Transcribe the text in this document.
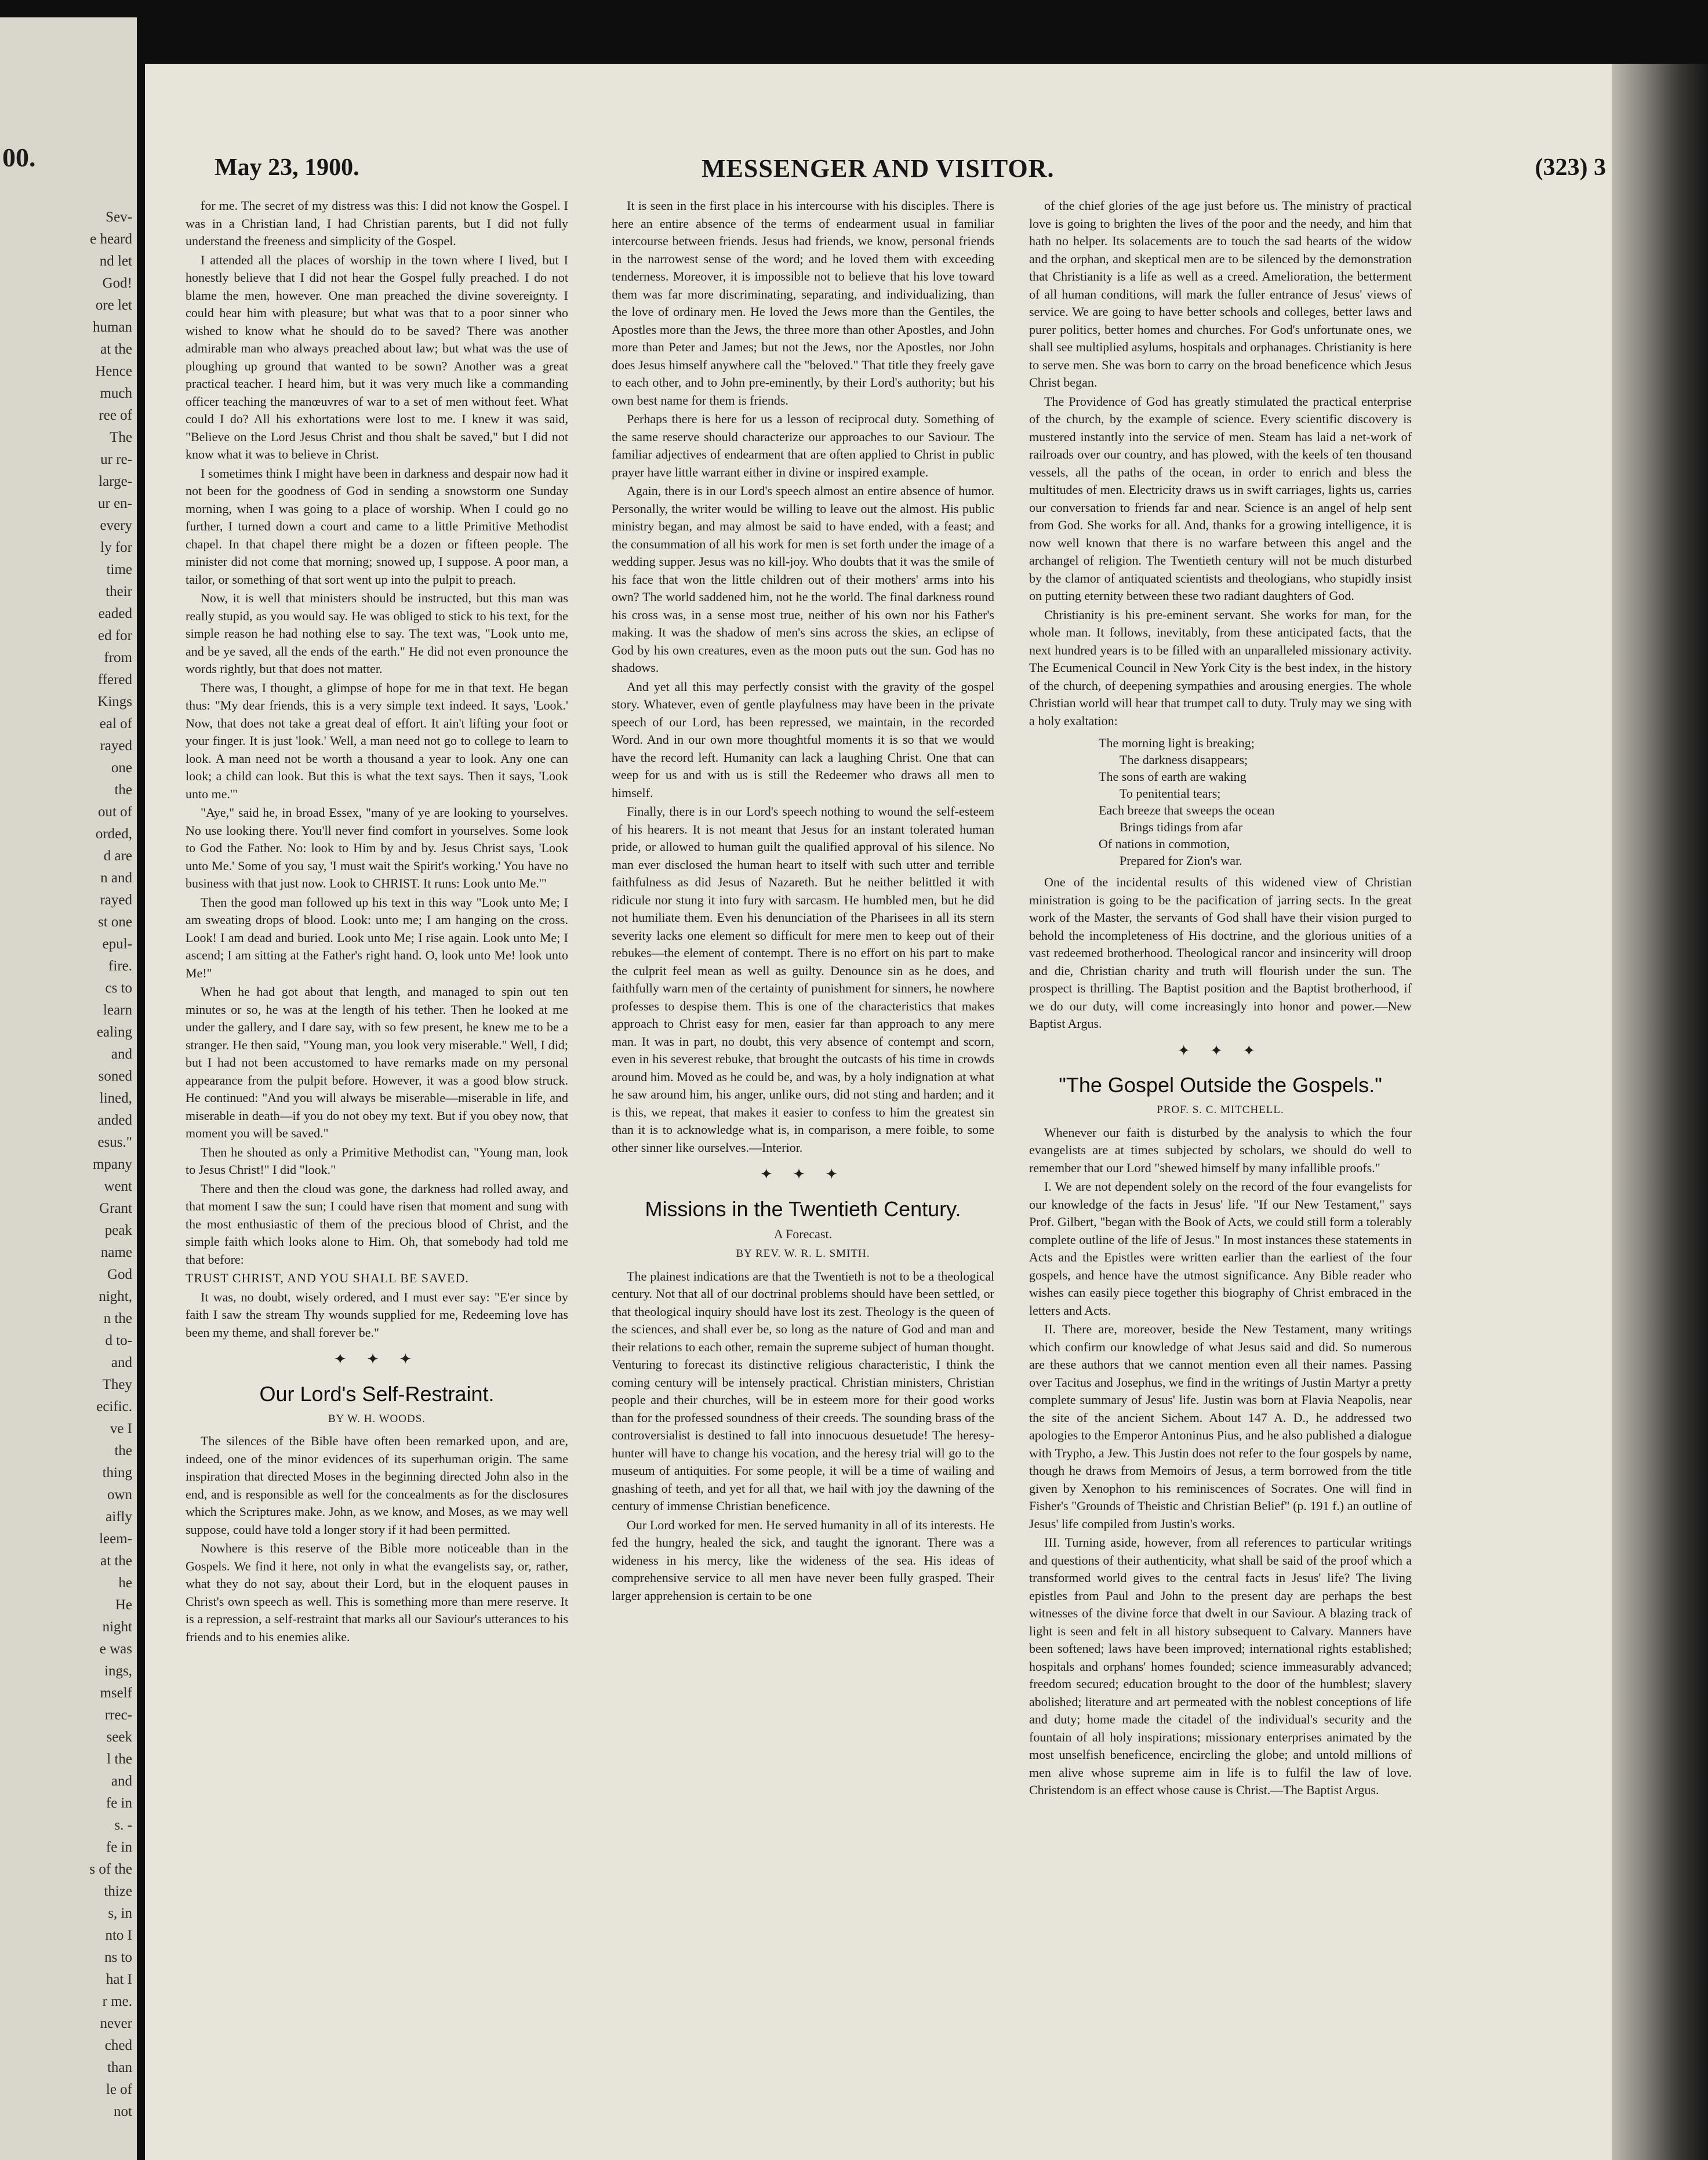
00.
Sev-
e heard
nd let
God!
ore let
human
at the
Hence
much
ree of
The
ur re-
large-
ur en-
every
ly for
time
their
eaded
ed for
from
ffered
Kings
eal of
rayed
one
the
out of
orded,
d are
n and
rayed
st one
epul-
fire.
cs to
learn
ealing
and
soned
lined,
anded
esus."
mpany
went
Grant
peak
name
God
night,
n the
d to-
and
They
ecific.
ve I
the
thing
own
aifly
leem-
at the
he
He
night
e was
ings,
mself
rrec-
seek
l the
and
fe in
s. -
fe in
s of the
thize
s, in
nto I
ns to
hat I
r me.
never
ched
than
le of
not
May 23, 1900.	MESSENGER AND VISITOR.	(323) 3

for me. The secret of my distress was this: I did not know the Gospel. I was in a Christian land, I had Christian parents, but I did not fully understand the freeness and simplicity of the Gospel.

I attended all the places of worship in the town where I lived, but I honestly believe that I did not hear the Gospel fully preached. I do not blame the men, however. One man preached the divine sovereignty. I could hear him with pleasure; but what was that to a poor sinner who wished to know what he should do to be saved? There was another admirable man who always preached about law; but what was the use of ploughing up ground that wanted to be sown? Another was a great practical teacher. I heard him, but it was very much like a commanding officer teaching the manœuvres of war to a set of men without feet. What could I do? All his exhortations were lost to me. I knew it was said, "Believe on the Lord Jesus Christ and thou shalt be saved," but I did not know what it was to believe in Christ.

I sometimes think I might have been in darkness and despair now had it not been for the goodness of God in sending a snowstorm one Sunday morning, when I was going to a place of worship. When I could go no further, I turned down a court and came to a little Primitive Methodist chapel. In that chapel there might be a dozen or fifteen people. The minister did not come that morning; snowed up, I suppose. A poor man, a tailor, or something of that sort went up into the pulpit to preach.

Now, it is well that ministers should be instructed, but this man was really stupid, as you would say. He was obliged to stick to his text, for the simple reason he had nothing else to say. The text was, "Look unto me, and be ye saved, all the ends of the earth." He did not even pronounce the words rightly, but that does not matter.

There was, I thought, a glimpse of hope for me in that text. He began thus: "My dear friends, this is a very simple text indeed. It says, 'Look.' Now, that does not take a great deal of effort. It ain't lifting your foot or your finger. It is just 'look.' Well, a man need not go to college to learn to look. A man need not be worth a thousand a year to look. Any one can look; a child can look. But this is what the text says. Then it says, 'Look unto me.'"

"Aye," said he, in broad Essex, "many of ye are looking to yourselves. No use looking there. You'll never find comfort in yourselves. Some look to God the Father. No: look to Him by and by. Jesus Christ says, 'Look unto Me.' Some of you say, 'I must wait the Spirit's working.' You have no business with that just now. Look to CHRIST. It runs: Look unto Me.'"

Then the good man followed up his text in this way "Look unto Me; I am sweating drops of blood. Look: unto me; I am hanging on the cross. Look! I am dead and buried. Look unto Me; I rise again. Look unto Me; I ascend; I am sitting at the Father's right hand. O, look unto Me! look unto Me!"

When he had got about that length, and managed to spin out ten minutes or so, he was at the length of his tether. Then he looked at me under the gallery, and I dare say, with so few present, he knew me to be a stranger. He then said, "Young man, you look very miserable." Well, I did; but I had not been accustomed to have remarks made on my personal appearance from the pulpit before. However, it was a good blow struck. He continued: "And you will always be miserable—miserable in life, and miserable in death—if you do not obey my text. But if you obey now, that moment you will be saved."

Then he shouted as only a Primitive Methodist can, "Young man, look to Jesus Christ!" I did "look."

There and then the cloud was gone, the darkness had rolled away, and that moment I saw the sun; I could have risen that moment and sung with the most enthusiastic of them of the precious blood of Christ, and the simple faith which looks alone to Him. Oh, that somebody had told me that before:

TRUST CHRIST, AND YOU SHALL BE SAVED.

It was, no doubt, wisely ordered, and I must ever say: "E'er since by faith I saw the stream Thy wounds supplied for me, Redeeming love has been my theme, and shall forever be."

✦ ✦ ✦
Our Lord's Self-Restraint.
BY W. H. WOODS.

The silences of the Bible have often been remarked upon, and are, indeed, one of the minor evidences of its superhuman origin. The same inspiration that directed Moses in the beginning directed John also in the end, and is responsible as well for the concealments as for the disclosures which the Scriptures make. John, as we know, and Moses, as we may well suppose, could have told a longer story if it had been permitted.

Nowhere is this reserve of the Bible more noticeable than in the Gospels. We find it here, not only in what the evangelists say, or, rather, what they do not say, about their Lord, but in the eloquent pauses in Christ's own speech as well. This is something more than mere reserve. It is a repression, a self-restraint that marks all our Saviour's utterances to his friends and to his enemies alike.

It is seen in the first place in his intercourse with his disciples. There is here an entire absence of the terms of endearment usual in familiar intercourse between friends. Jesus had friends, we know, personal friends in the narrowest sense of the word; and he loved them with exceeding tenderness. Moreover, it is impossible not to believe that his love toward them was far more discriminating, separating, and individualizing, than the love of ordinary men. He loved the Jews more than the Gentiles, the Apostles more than the Jews, the three more than other Apostles, and John more than Peter and James; but not the Jews, nor the Apostles, nor John does Jesus himself anywhere call the "beloved." That title they freely gave to each other, and to John pre-eminently, by their Lord's authority; but his own best name for them is friends.

Perhaps there is here for us a lesson of reciprocal duty. Something of the same reserve should characterize our approaches to our Saviour. The familiar adjectives of endearment that are often applied to Christ in public prayer have little warrant either in divine or inspired example.

Again, there is in our Lord's speech almost an entire absence of humor. Personally, the writer would be willing to leave out the almost. His public ministry began, and may almost be said to have ended, with a feast; and the consummation of all his work for men is set forth under the image of a wedding supper. Jesus was no kill-joy. Who doubts that it was the smile of his face that won the little children out of their mothers' arms into his own? The world saddened him, not he the world. The final darkness round his cross was, in a sense most true, neither of his own nor his Father's making. It was the shadow of men's sins across the skies, an eclipse of God by his own creatures, even as the moon puts out the sun. God has no shadows.

And yet all this may perfectly consist with the gravity of the gospel story. Whatever, even of gentle playfulness may have been in the private speech of our Lord, has been repressed, we maintain, in the recorded Word. And in our own more thoughtful moments it is so that we would have the record left. Humanity can lack a laughing Christ. One that can weep for us and with us is still the Redeemer who draws all men to himself.

Finally, there is in our Lord's speech nothing to wound the self-esteem of his hearers. It is not meant that Jesus for an instant tolerated human pride, or allowed to human guilt the qualified approval of his silence. No man ever disclosed the human heart to itself with such utter and terrible faithfulness as did Jesus of Nazareth. But he neither belittled it with ridicule nor stung it into fury with sarcasm. He humbled men, but he did not humiliate them. Even his denunciation of the Pharisees in all its stern severity lacks one element so difficult for mere men to keep out of their rebukes—the element of contempt. There is no effort on his part to make the culprit feel mean as well as guilty. Denounce sin as he does, and faithfully warn men of the certainty of punishment for sinners, he nowhere professes to despise them. This is one of the characteristics that makes approach to Christ easy for men, easier far than approach to any mere man. It was in part, no doubt, this very absence of contempt and scorn, even in his severest rebuke, that brought the outcasts of his time in crowds around him. Moved as he could be, and was, by a holy indignation at what he saw around him, his anger, unlike ours, did not sting and harden; and it is this, we repeat, that makes it easier to confess to him the greatest sin than it is to acknowledge what is, in comparison, a mere foible, to some other sinner like ourselves.—Interior.

✦ ✦ ✦
Missions in the Twentieth Century.
A Forecast.
BY REV. W. R. L. SMITH.

The plainest indications are that the Twentieth is not to be a theological century. Not that all of our doctrinal problems should have been settled, or that theological inquiry should have lost its zest. Theology is the queen of the sciences, and shall ever be, so long as the nature of God and man and their relations to each other, remain the supreme subject of human thought. Venturing to forecast its distinctive religious characteristic, I think the coming century will be intensely practical. Christian ministers, Christian people and their churches, will be in esteem more for their good works than for the professed soundness of their creeds. The sounding brass of the controversialist is destined to fall into innocuous desuetude! The heresy-hunter will have to change his vocation, and the heresy trial will go to the museum of antiquities. For some people, it will be a time of wailing and gnashing of teeth, and yet for all that, we hail with joy the dawning of the century of immense Christian beneficence.

Our Lord worked for men. He served humanity in all of its interests. He fed the hungry, healed the sick, and taught the ignorant. There was a wideness in his mercy, like the wideness of the sea. His ideas of comprehensive service to all men have never been fully grasped. Their larger apprehension is certain to be one

of the chief glories of the age just before us. The ministry of practical love is going to brighten the lives of the poor and the needy, and him that hath no helper. Its solacements are to touch the sad hearts of the widow and the orphan, and skeptical men are to be silenced by the demonstration that Christianity is a life as well as a creed. Amelioration, the betterment of all human conditions, will mark the fuller entrance of Jesus' views of service. We are going to have better schools and colleges, better laws and purer politics, better homes and churches. For God's unfortunate ones, we shall see multiplied asylums, hospitals and orphanages. Christianity is here to serve men. She was born to carry on the broad beneficence which Jesus Christ began.

The Providence of God has greatly stimulated the practical enterprise of the church, by the example of science. Every scientific discovery is mustered instantly into the service of men. Steam has laid a net-work of railroads over our country, and has plowed, with the keels of ten thousand vessels, all the paths of the ocean, in order to enrich and bless the multitudes of men. Electricity draws us in swift carriages, lights us, carries our conversation to friends far and near. Science is an angel of help sent from God. She works for all. And, thanks for a growing intelligence, it is now well known that there is no warfare between this angel and the archangel of religion. The Twentieth century will not be much disturbed by the clamor of antiquated scientists and theologians, who stupidly insist on putting eternity between these two radiant daughters of God.

Christianity is his pre-eminent servant. She works for man, for the whole man. It follows, inevitably, from these anticipated facts, that the next hundred years is to be filled with an unparalleled missionary activity. The Ecumenical Council in New York City is the best index, in the history of the church, of deepening sympathies and arousing energies. The whole Christian world will hear that trumpet call to duty. Truly may we sing with a holy exaltation:

The morning light is breaking;
The darkness disappears;
The sons of earth are waking
To penitential tears;
Each breeze that sweeps the ocean
Brings tidings from afar
Of nations in commotion,
Prepared for Zion's war.

One of the incidental results of this widened view of Christian ministration is going to be the pacification of jarring sects. In the great work of the Master, the servants of God shall have their vision purged to behold the incompleteness of His doctrine, and the glorious unities of a vast redeemed brotherhood. Theological rancor and insincerity will droop and die, Christian charity and truth will flourish under the sun. The prospect is thrilling. The Baptist position and the Baptist brotherhood, if we do our duty, will come increasingly into honor and power.—New Baptist Argus.

✦ ✦ ✦
"The Gospel Outside the Gospels."
PROF. S. C. MITCHELL.

Whenever our faith is disturbed by the analysis to which the four evangelists are at times subjected by scholars, we should do well to remember that our Lord "shewed himself by many infallible proofs."

I. We are not dependent solely on the record of the four evangelists for our knowledge of the facts in Jesus' life. "If our New Testament," says Prof. Gilbert, "began with the Book of Acts, we could still form a tolerably complete outline of the life of Jesus." In most instances these statements in Acts and the Epistles were written earlier than the earliest of the four gospels, and hence have the utmost significance. Any Bible reader who wishes can easily piece together this biography of Christ embraced in the letters and Acts.

II. There are, moreover, beside the New Testament, many writings which confirm our knowledge of what Jesus said and did. So numerous are these authors that we cannot mention even all their names. Passing over Tacitus and Josephus, we find in the writings of Justin Martyr a pretty complete summary of Jesus' life. Justin was born at Flavia Neapolis, near the site of the ancient Sichem. About 147 A. D., he addressed two apologies to the Emperor Antoninus Pius, and he also published a dialogue with Trypho, a Jew. This Justin does not refer to the four gospels by name, though he draws from Memoirs of Jesus, a term borrowed from the title given by Xenophon to his reminiscences of Socrates. One will find in Fisher's "Grounds of Theistic and Christian Belief" (p. 191 f.) an outline of Jesus' life compiled from Justin's works.

III. Turning aside, however, from all references to particular writings and questions of their authenticity, what shall be said of the proof which a transformed world gives to the central facts in Jesus' life? The living epistles from Paul and John to the present day are perhaps the best witnesses of the divine force that dwelt in our Saviour. A blazing track of light is seen and felt in all history subsequent to Calvary. Manners have been softened; laws have been improved; international rights established; hospitals and orphans' homes founded; science immeasurably advanced; freedom secured; education brought to the door of the humblest; slavery abolished; literature and art permeated with the noblest conceptions of life and duty; home made the citadel of the individual's security and the fountain of all holy inspirations; missionary enterprises animated by the most unselfish beneficence, encircling the globe; and untold millions of men alive whose supreme aim in life is to fulfil the law of love. Christendom is an effect whose cause is Christ.—The Baptist Argus.
